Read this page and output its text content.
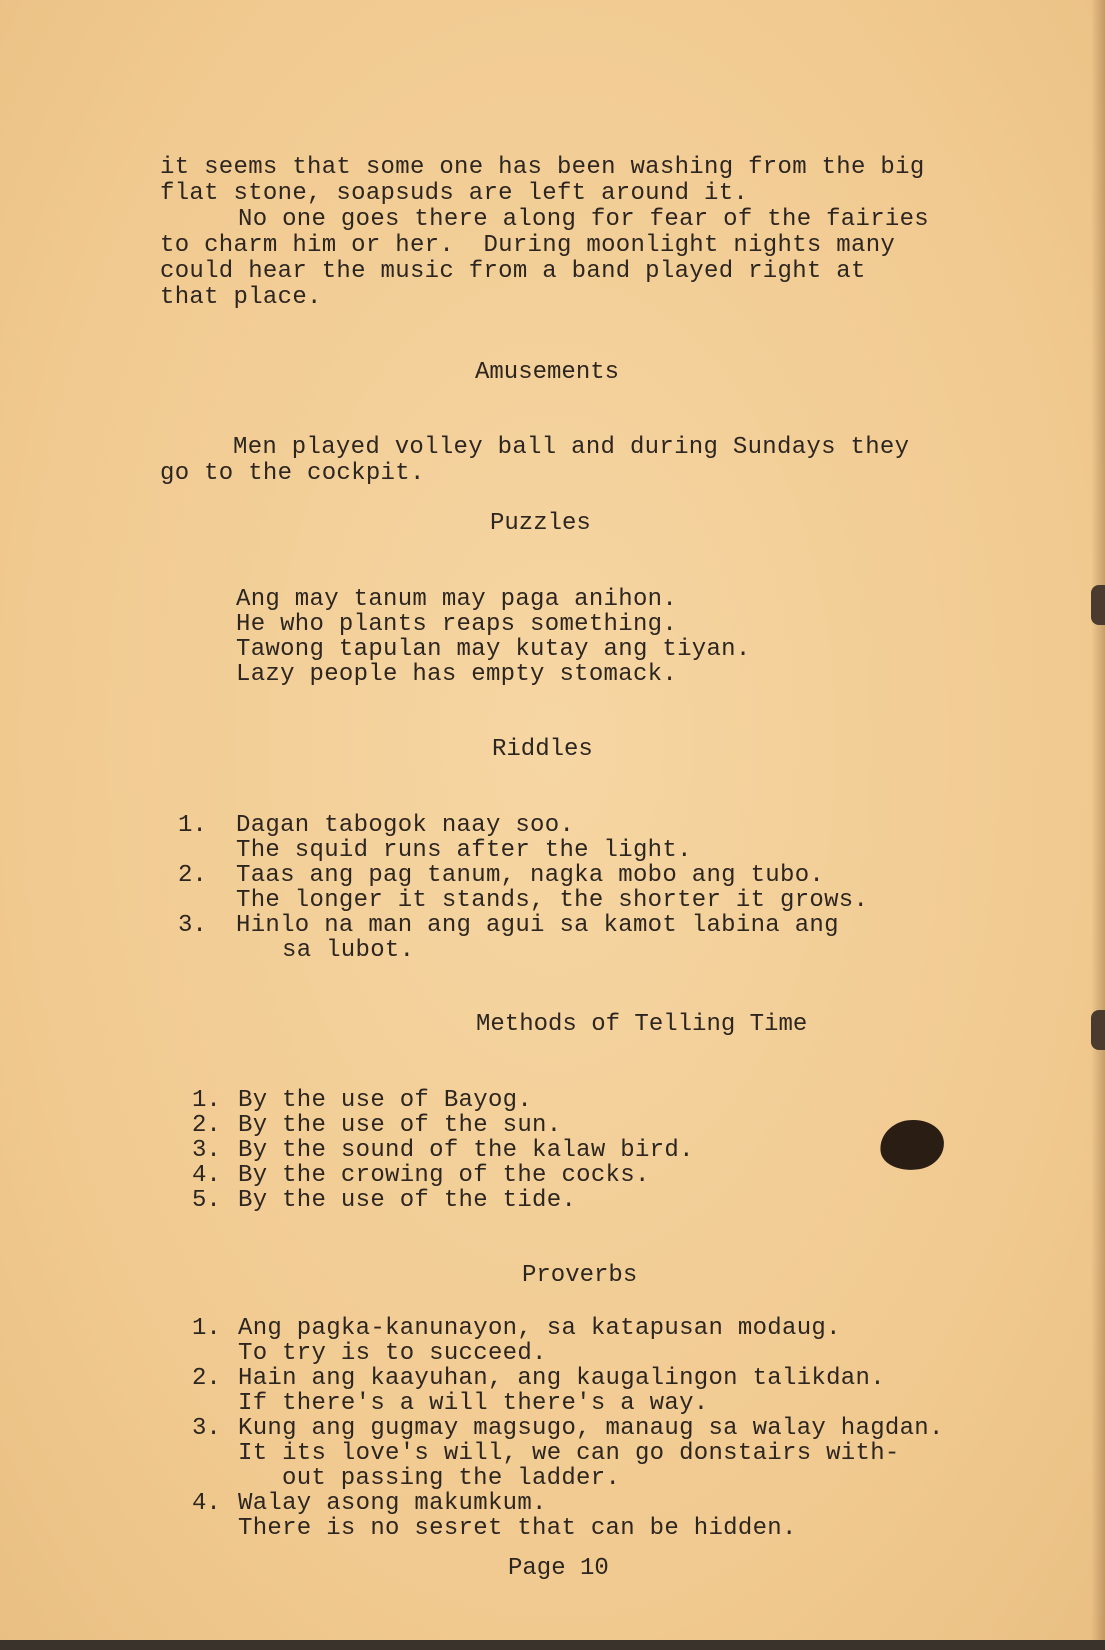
it seems that some one has been washing from the big
flat stone, soapsuds are left around it.
No one goes there along for fear of the fairies
to charm him or her.  During moonlight nights many
could hear the music from a band played right at
that place.
Amusements
Men played volley ball and during Sundays they
go to the cockpit.
Puzzles
Ang may tanum may paga anihon.
He who plants reaps something.
Tawong tapulan may kutay ang tiyan.
Lazy people has empty stomack.
Riddles
1. Dagan tabogok naay soo.
The squid runs after the light.
2. Taas ang pag tanum, nagka mobo ang tubo.
The longer it stands, the shorter it grows.
3. Hinlo na man ang agui sa kamot labina ang
sa lubot.
Methods of Telling Time
1. By the use of Bayog.
2. By the use of the sun.
3. By the sound of the kalaw bird.
4. By the crowing of the cocks.
5. By the use of the tide.
Proverbs
1. Ang pagka-kanunayon, sa katapusan modaug.
To try is to succeed.
2. Hain ang kaayuhan, ang kaugalingon talikdan.
If there's a will there's a way.
3. Kung ang gugmay magsugo, manaug sa walay hagdan.
It its love's will, we can go donstairs with-
out passing the ladder.
4. Walay asong makumkum.
There is no sesret that can be hidden.
Page 10
